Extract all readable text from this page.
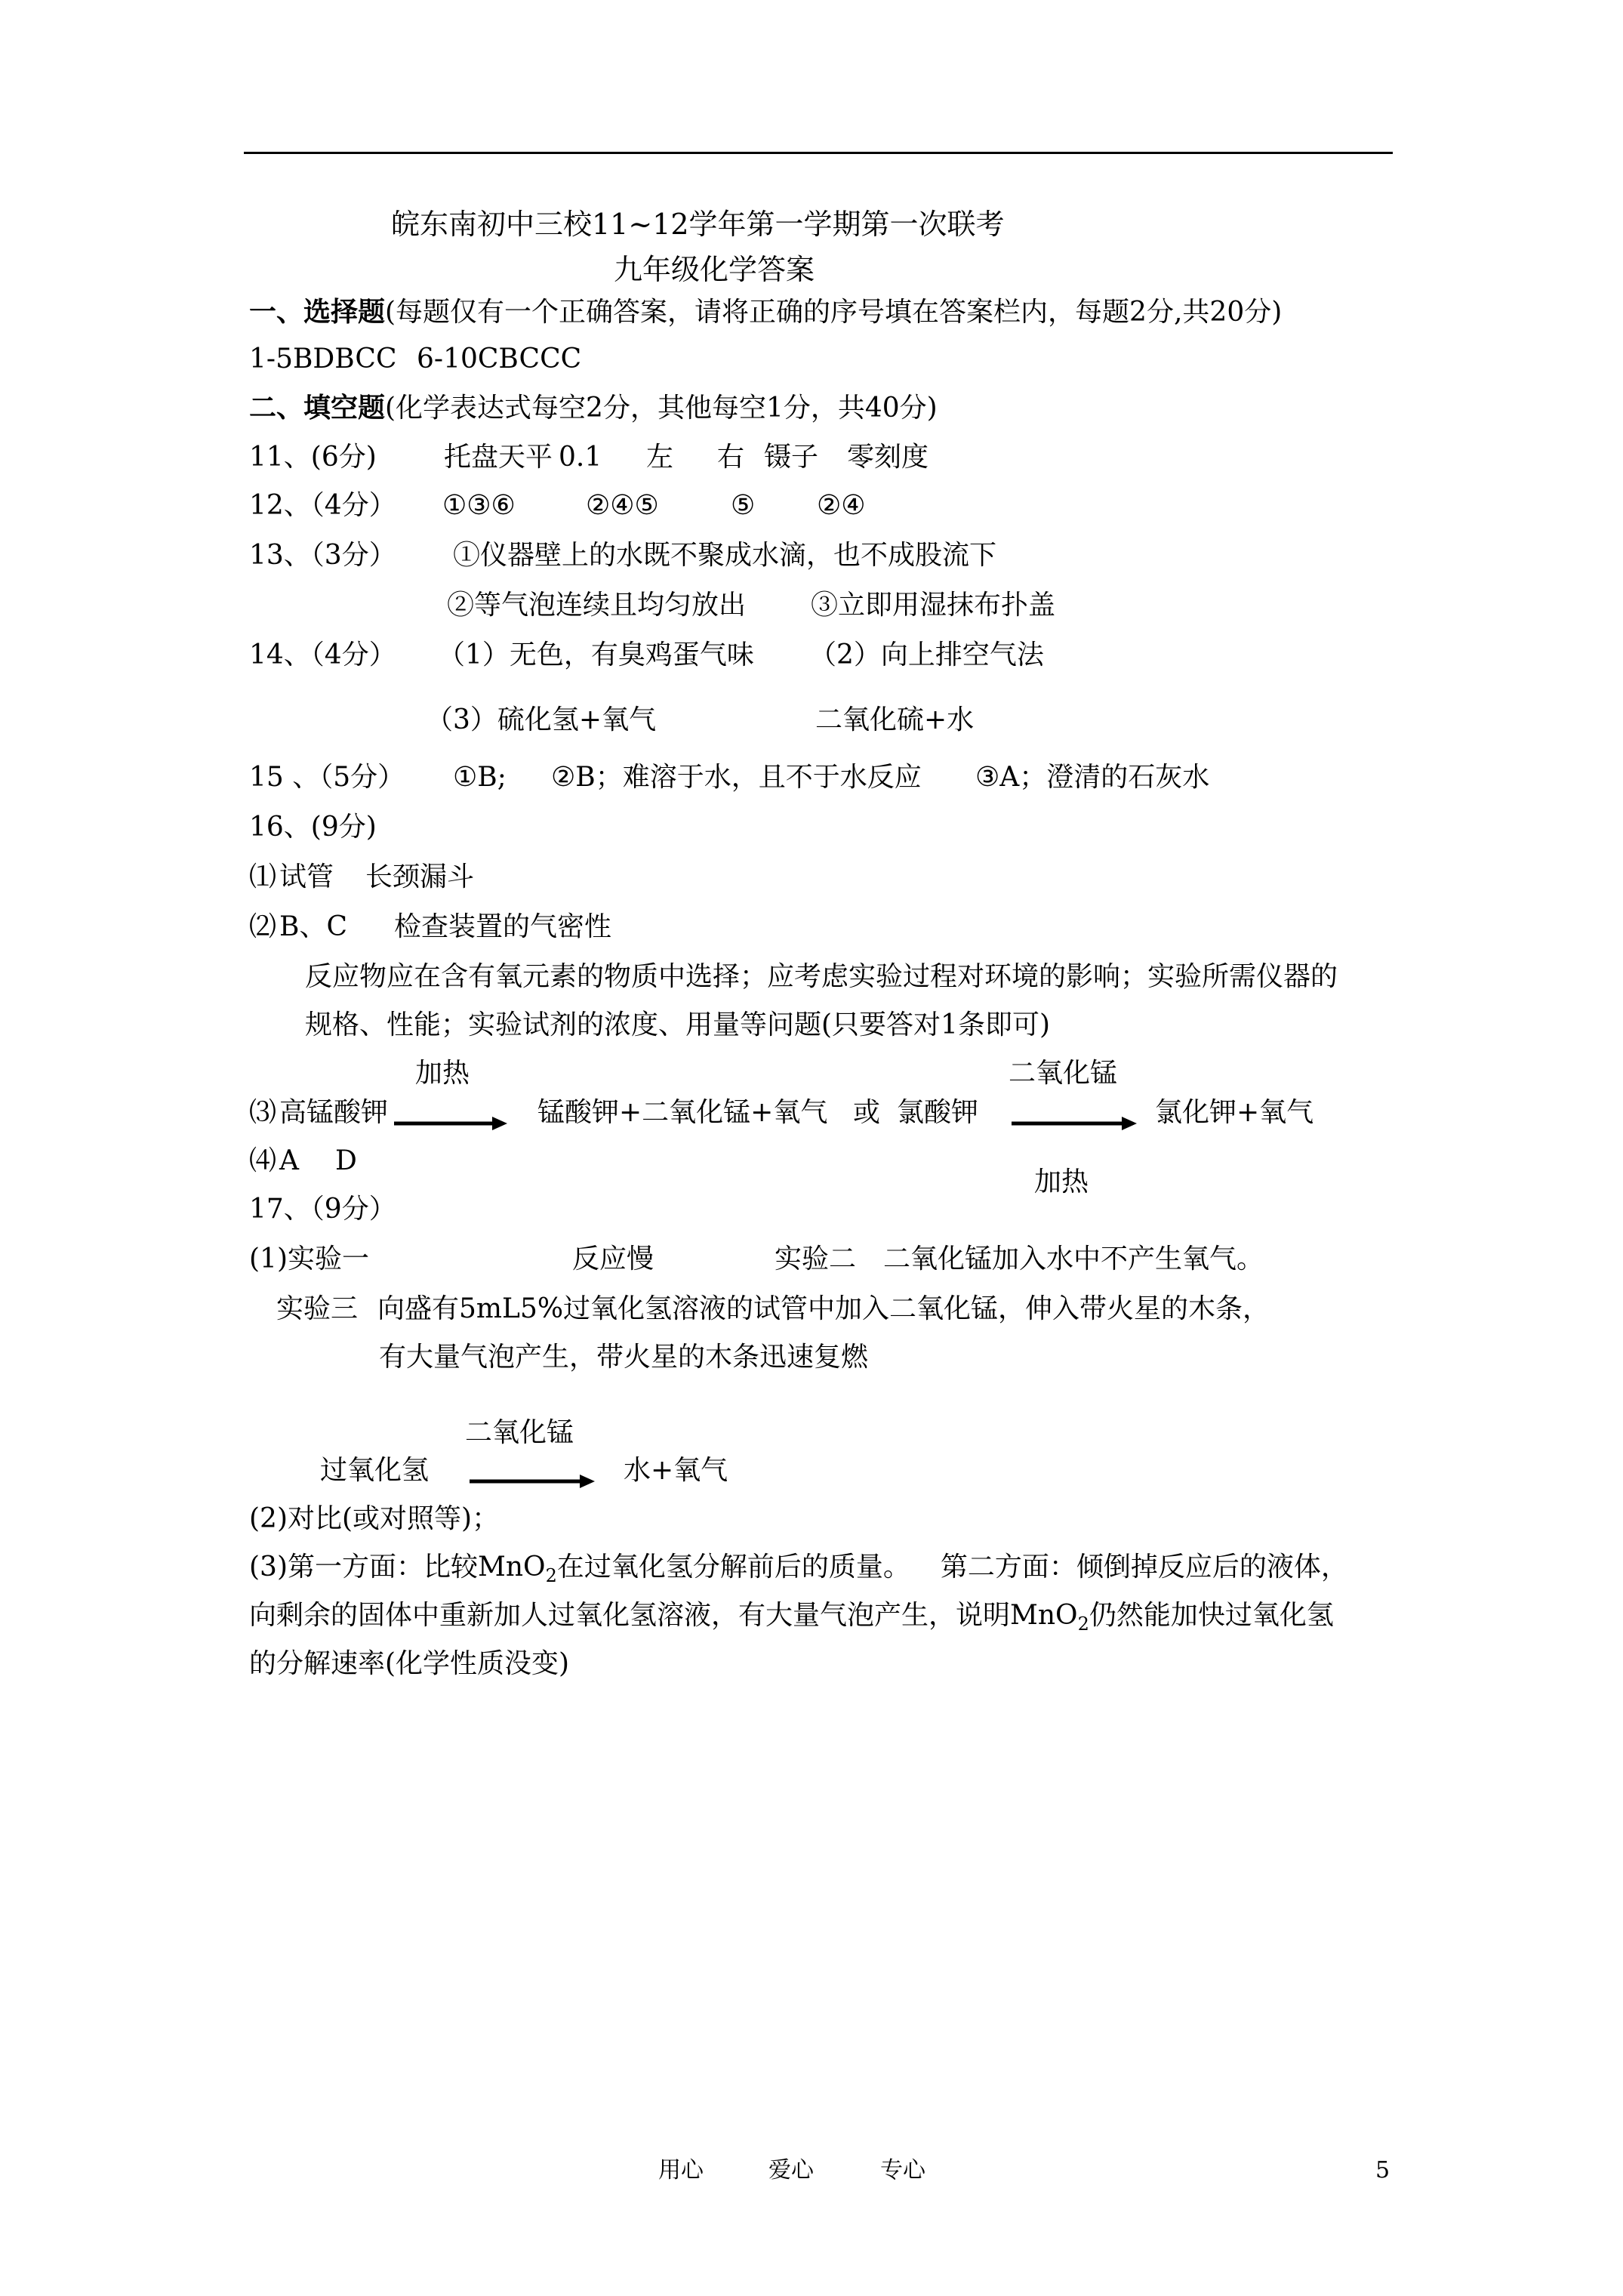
皖东南初中三校11~12学年第一学期第一次联考
九年级化学答案
一、选择题(每题仅有一个正确答案，请将正确的序号填在答案栏内，每题2分,共20分)
1-5BDBCC 6-10CBCCC
二、填空题(化学表达式每空2分，其他每空1分，共40分)
11、(6分) 托盘天平 0.1 左 右 镊子 零刻度
12、（4分） ①③⑥	②④⑤	⑤ ②④
13、（3分） ①仪器壁上的水既不聚成水滴，也不成股流下
②等气泡连续且均匀放出 ③立即用湿抹布扑盖
14、（4分） （1）无色，有臭鸡蛋气味 （2）向上排空气法
（3）硫化氢+氧气	二氧化硫+水
15 、（5分） ①B; ②B；难溶于水，且不于水反应 ③A；澄清的石灰水
16、(9分)
⑴ 试管 长颈漏斗
⑵ B、C 检查装置的气密性
反应物应在含有氧元素的物质中选择；应考虑实验过程对环境的影响；实验所需仪器的
规格、性能；实验试剂的浓度、用量等问题(只要答对1条即可)
加热	二氧化锰
⑶ 高锰酸钾	锰酸钾+二氧化锰+氧气 或 氯酸钾	氯化钾+氧气
⑷ A D
加热
17、（9分）
(1)实验一	反应慢	实验二 二氧化锰加入水中不产生氧气。
实验三 向盛有5mL5%过氧化氢溶液的试管中加入二氧化锰，伸入带火星的木条，
有大量气泡产生，带火星的木条迅速复燃
二氧化锰
过氧化氢	水+氧气
(2)对比(或对照等)；
(3)第一方面：比较MnO$_2$在过氧化氢分解前后的质量。 第二方面：倾倒掉反应后的液体，
向剩余的固体中重新加人过氧化氢溶液，有大量气泡产生，说明MnO$_2$仍然能加快过氧化氢
的分解速率(化学性质没变)
用心	爱心	专心	5
